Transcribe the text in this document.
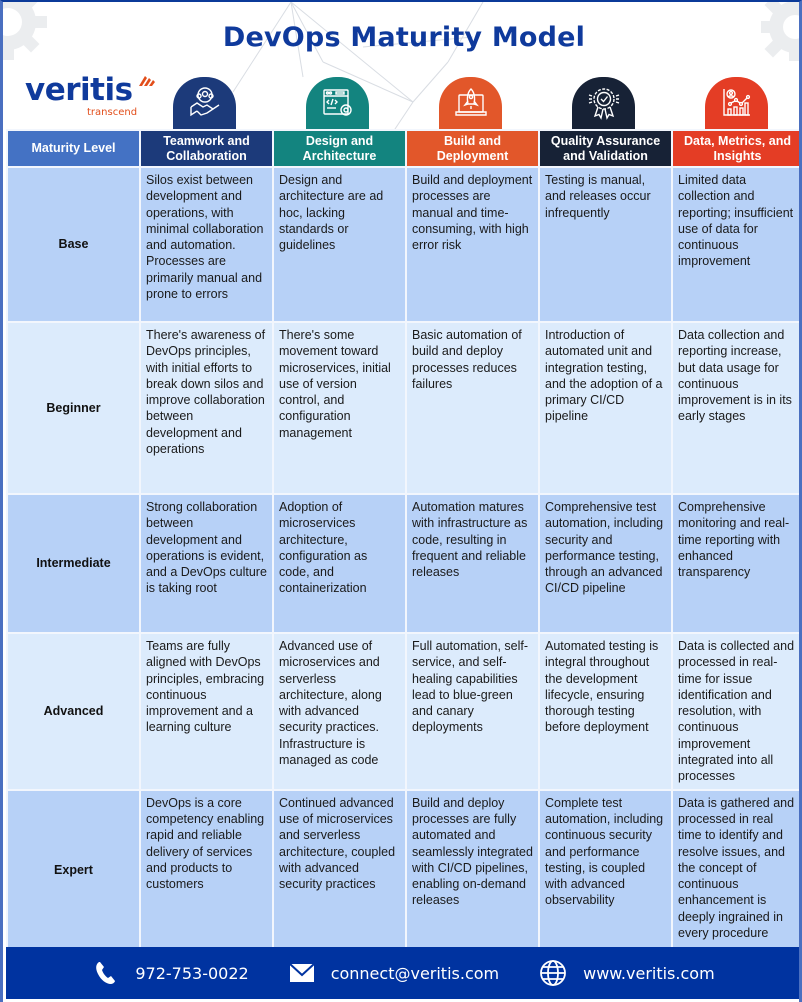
DevOps Maturity Model
veritis
transcend
Maturity Level	Teamwork and Collaboration	Design and Architecture	Build and Deployment	Quality Assurance and Validation	Data, Metrics, and Insights
Base	Silos exist between development and operations, with minimal collaboration and automation. Processes are primarily manual and prone to errors	Design and architecture are ad hoc, lacking standards or guidelines	Build and deployment processes are manual and time-consuming, with high error risk	Testing is manual, and releases occur infrequently	Limited data collection and reporting; insufficient use of data for continuous improvement
Beginner	There's awareness of DevOps principles, with initial efforts to break down silos and improve collaboration between development and operations	There's some movement toward microservices, initial use of version control, and configuration management	Basic automation of build and deploy processes reduces failures	Introduction of automated unit and integration testing, and the adoption of a primary CI/CD pipeline	Data collection and reporting increase, but data usage for continuous improvement is in its early stages
Intermediate	Strong collaboration between development and operations is evident, and a DevOps culture is taking root	Adoption of microservices architecture, configuration as code, and containerization	Automation matures with infrastructure as code, resulting in frequent and reliable releases	Comprehensive test automation, including security and performance testing, through an advanced CI/CD pipeline	Comprehensive monitoring and real-time reporting with enhanced transparency
Advanced	Teams are fully aligned with DevOps principles, embracing continuous improvement and a learning culture	Advanced use of microservices and serverless architecture, along with advanced security practices. Infrastructure is managed as code	Full automation, self-service, and self-healing capabilities lead to blue-green and canary deployments	Automated testing is integral throughout the development lifecycle, ensuring thorough testing before deployment	Data is collected and processed in real-time for issue identification and resolution, with continuous improvement integrated into all processes
Expert	DevOps is a core competency enabling rapid and reliable delivery of services and products to customers	Continued advanced use of microservices and serverless architecture, coupled with advanced security practices	Build and deploy processes are fully automated and seamlessly integrated with CI/CD pipelines, enabling on-demand releases	Complete test automation, including continuous security and performance testing, is coupled with advanced observability	Data is gathered and processed in real time to identify and resolve issues, and the concept of continuous enhancement is deeply ingrained in every procedure
972-753-0022	connect@veritis.com	www.veritis.com
